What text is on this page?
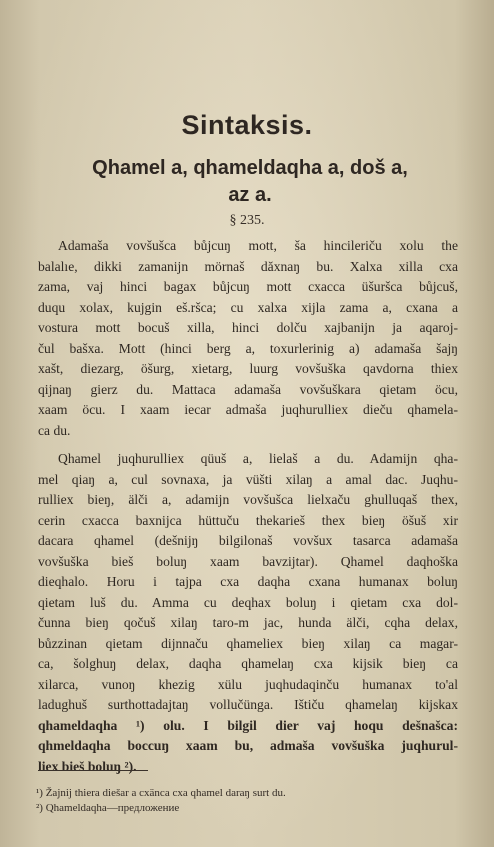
Sintaksis.
Qhamel a, qhameldaqha a, doš a,
az a.
§ 235.
Adamaša vovšušca bůjcuŋ mott, ša hincileriču xolu the
balalıe, dikki zamanijn mörnaš dăxnaŋ bu. Xalxa xilla cxa
zama, vaj hinci bagax bůjcuŋ mott cxacca üšuršca bůjcuš,
duqu xolax, kujgin eš.ršca; cu xalxa xijla zama a, cxana a
vostura mott bocuš xilla, hinci dolču xajbanijn ja aqaroj-
čul bašxa. Mott (hinci berg a, toxurlerinig a) adamaša šajŋ
xašt, diezarg, öšurg, xietarg, luurg vovšuška qavdorna thiex
qijnaŋ gierz du. Mattaca adamaša vovšuškara qietam öcu,
xaam öcu. I xaam iecar admaša juqhurulliex dieču qhamela-
ca du.
Qhamel juqhurulliex qüuš a, lielaš a du. Adamijn qha-
mel qiaŋ a, cul sovnaxa, ja vüšti xilaŋ a amal dac. Juqhu-
rulliex bieŋ, älči a, adamijn vovšušca lielxaču ghulluqaš thex,
cerin cxacca baxnijca hüttuču thekarieš thex bieŋ öšuš xir
dacara qhamel (dešnijŋ bilgilonaš vovšux tasarca adamaša
vovšuška bieš boluŋ xaam bavzijtar). Qhamel daqhoška
dieqhalo. Horu i tajpa cxa daqha cxana humanax boluŋ
qietam luš du. Amma cu deqhax boluŋ i qietam cxa dol-
čunna bieŋ qočuš xilaŋ taro-m jac, hunda älči, cqha delax,
bůzzinan qietam dijnnaču qhameliex bieŋ xilaŋ ca magar-
ca, šolghuŋ delax, daqha qhamelaŋ cxa kijsik bieŋ ca
xilarca, vunoŋ khezig xülu juqhudaqinču humanax to'al
ladughuš surthottadajtaŋ vollučünga. Ištiču qhamelaŋ kijskax
qhameldaqha ¹) olu. I bilgil dier vaj hoqu dešnašca:
qhmeldaqha boccuŋ xaam bu, admaša vovšuška juqhurul-
liex bieš boluŋ ²).
¹) Žajnij thiera diešar a cxänca cxa qhamel daraŋ surt du.
²) Qhameldaqha—предложение
